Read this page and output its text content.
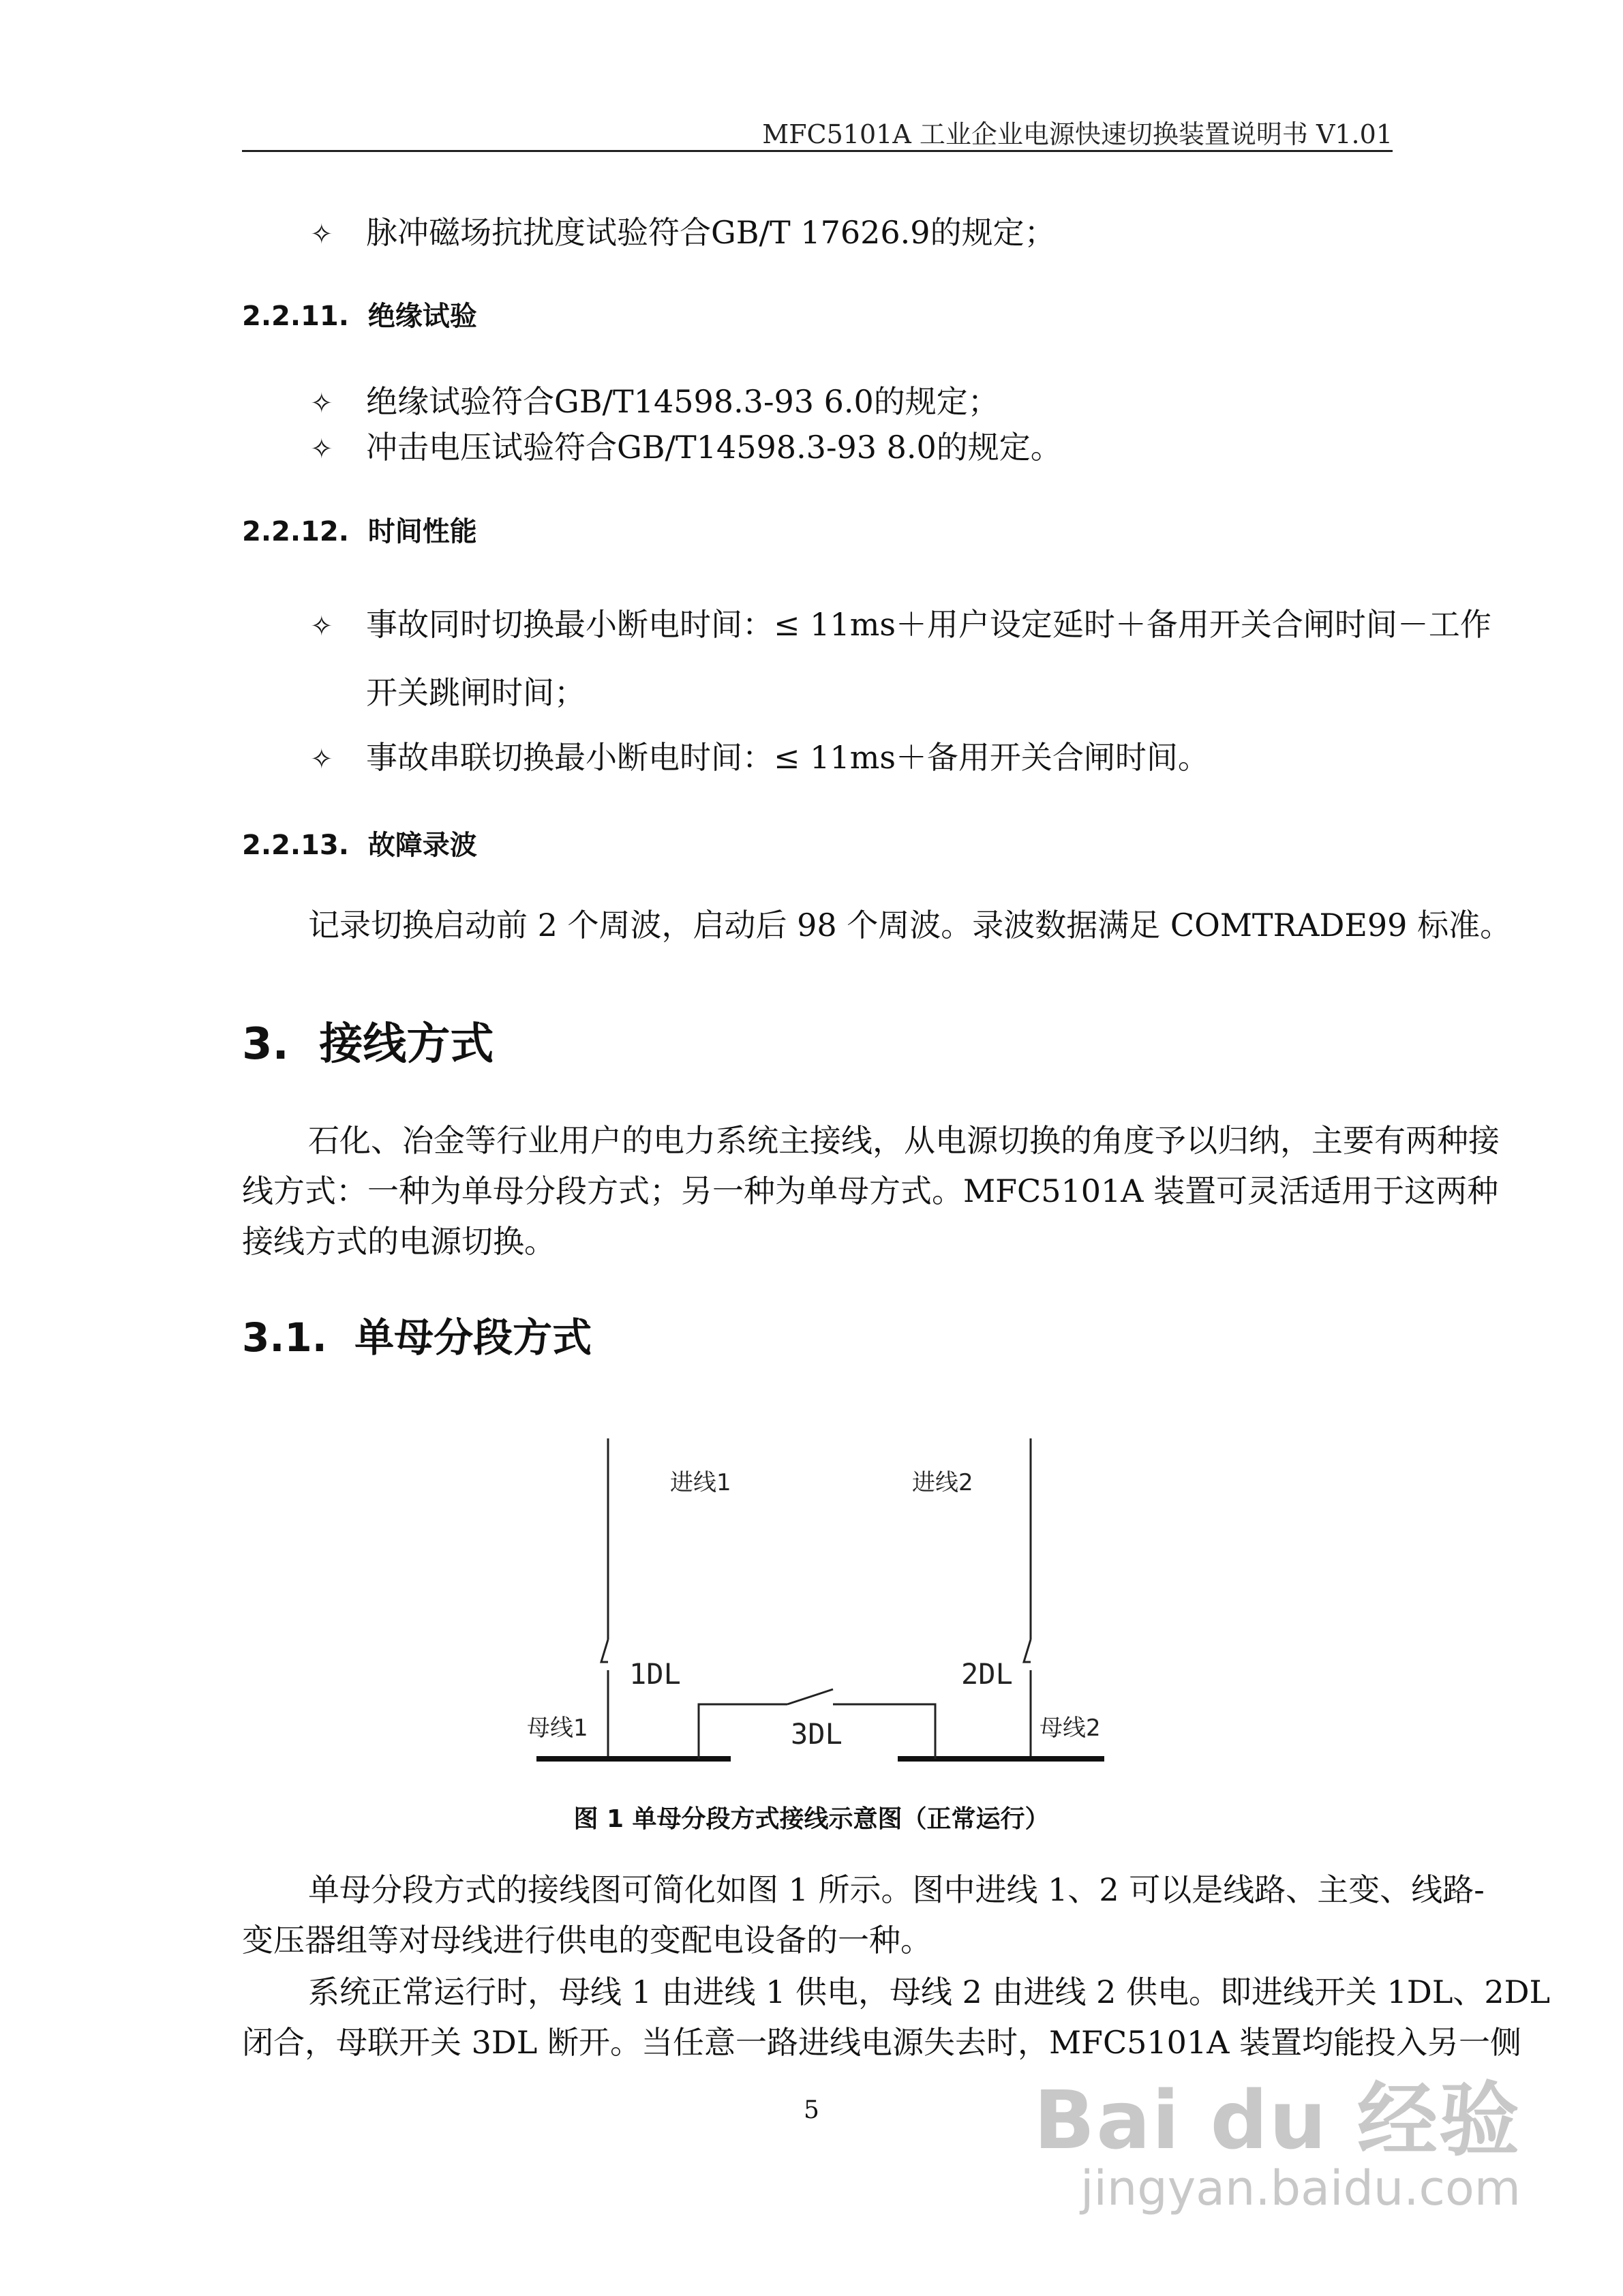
MFC5101A 工业企业电源快速切换装置说明书 V1.01
✧ 脉冲磁场抗扰度试验符合GB/T 17626.9的规定；
2.2.11. 绝缘试验
✧ 绝缘试验符合GB/T14598.3-93 6.0的规定；
✧ 冲击电压试验符合GB/T14598.3-93 8.0的规定。
2.2.12. 时间性能
✧ 事故同时切换最小断电时间：≤ 11ms＋用户设定延时＋备用开关合闸时间－工作
开关跳闸时间；
✧ 事故串联切换最小断电时间：≤ 11ms＋备用开关合闸时间。
2.2.13. 故障录波
记录切换启动前 2 个周波，启动后 98 个周波。录波数据满足 COMTRADE99 标准。
3. 接线方式
石化、冶金等行业用户的电力系统主接线，从电源切换的角度予以归纳，主要有两种接
线方式：一种为单母分段方式；另一种为单母方式。MFC5101A 装置可灵活适用于这两种
接线方式的电源切换。
3.1. 单母分段方式
进线1	进线2
1DL	2DL
3DL
母线1	母线2
图 1 单母分段方式接线示意图（正常运行）
单母分段方式的接线图可简化如图 1 所示。图中进线 1、2 可以是线路、主变、线路-
变压器组等对母线进行供电的变配电设备的一种。
系统正常运行时，母线 1 由进线 1 供电，母线 2 由进线 2 供电。即进线开关 1DL、2DL
闭合，母联开关 3DL 断开。当任意一路进线电源失去时，MFC5101A 装置均能投入另一侧
5	Bai du 经验
jingyan.baidu.com
